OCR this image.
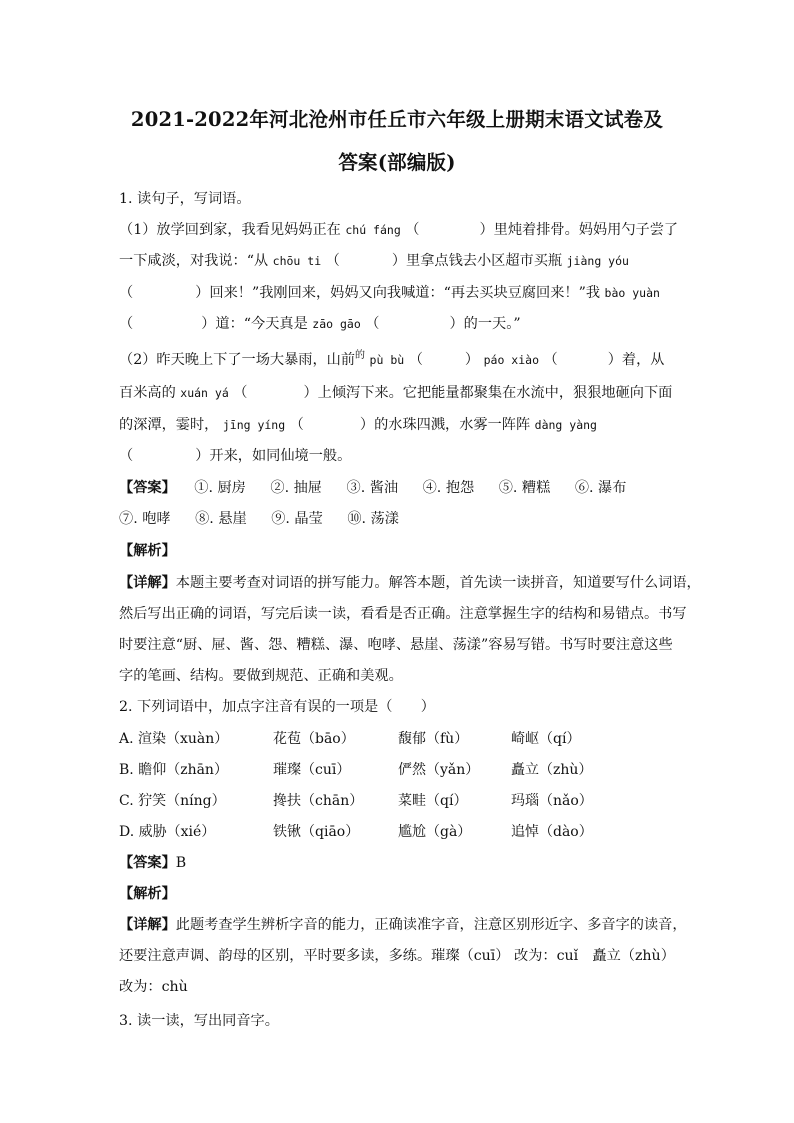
2021-2022年河北沧州市任丘市六年级上册期末语文试卷及
答案(部编版)
1. 读句子，写词语。
（1）放学回到家，我看见妈妈正在 chú fáng （	）里炖着排骨。妈妈用勺子尝了
一下咸淡，对我说：“从 chōu ti （	）里拿点钱去小区超市买瓶 jiàng yóu
（	）回来！”我刚回来，妈妈又向我喊道：“再去买块豆腐回来！”我 bào yuàn
（	）道：“今天真是 zāo gāo （	）的一天。”
（2）昨天晚上下了一场大暴雨，山前$^的$ pù bù （	） páo xiào （	）着，从
百米高的 xuán yá （	）上倾泻下来。它把能量都聚集在水流中，狠狠地砸向下面
的深潭，霎时， jīng yíng （	）的水珠四溅，水雾一阵阵 dàng yàng
（	）开来，如同仙境一般。
【答案】 ①. 厨房 ②. 抽屉 ③. 酱油 ④. 抱怨 ⑤. 糟糕 ⑥. 瀑布
⑦. 咆哮 ⑧. 悬崖 ⑨. 晶莹 ⑩. 荡漾
【解析】
【详解】本题主要考查对词语的拼写能力。解答本题，首先读一读拼音，知道要写什么词语，
然后写出正确的词语，写完后读一读，看看是否正确。注意掌握生字的结构和易错点。书写
时要注意“厨、屉、酱、怨、糟糕、瀑、咆哮、悬崖、荡漾”容易写错。书写时要注意这些
字的笔画、结构。要做到规范、正确和美观。
2. 下列词语中，加点字注音有误的一项是（　　）
A. 渲染（xuàn）	花苞（bāo）	馥郁（fù）	崎岖（qí）
B. 瞻仰（zhān）	璀璨（cuī）	俨然（yǎn） 矗立（zhù）
C. 狞笑（níng）	搀扶（chān） 菜畦（qí）	玛瑙（nǎo）
D. 威胁（xié）	铁锹（qiāo）	尴尬（gà）	追悼（dào）
【答案】B
【解析】
【详解】此题考查学生辨析字音的能力，正确读准字音，注意区别形近字、多音字的读音，
还要注意声调、韵母的区别，平时要多读，多练。璀璨（cuī） 改为：cuǐ　矗立（zhù）
改为：chù
3. 读一读，写出同音字。
